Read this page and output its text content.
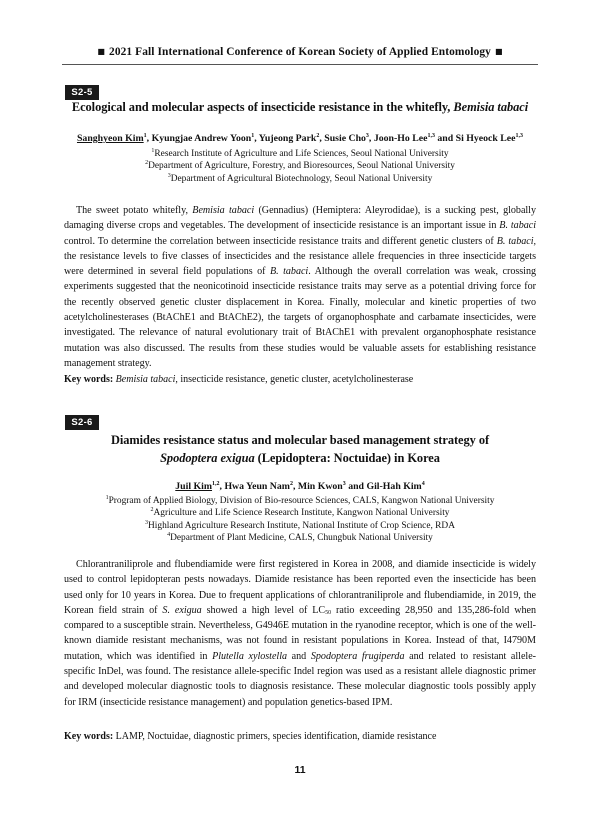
■ 2021 Fall International Conference of Korean Society of Applied Entomology ■
S2-5
Ecological and molecular aspects of insecticide resistance in the whitefly, Bemisia tabaci
Sanghyeon Kim$^1$, Kyungjae Andrew Yoon$^1$, Yujeong Park$^2$, Susie Cho$^3$, Joon-Ho Lee$^{1,3}$ and Si Hyeock Lee$^{1,3}$
$^1$Research Institute of Agriculture and Life Sciences, Seoul National University
$^2$Department of Agriculture, Forestry, and Bioresources, Seoul National University
$^3$Department of Agricultural Biotechnology, Seoul National University
The sweet potato whitefly, Bemisia tabaci (Gennadius) (Hemiptera: Aleyrodidae), is a sucking pest, globally damaging diverse crops and vegetables. The development of insecticide resistance is an important issue in B. tabaci control. To determine the correlation between insecticide resistance traits and different genetic clusters of B. tabaci, the resistance levels to five classes of insecticides and the resistance allele frequencies in three insecticide targets were determined in several field populations of B. tabaci. Although the overall correlation was weak, crossing experiments suggested that the neonicotinoid insecticide resistance traits may serve as a potential driving force for the recently observed genetic cluster displacement in Korea. Finally, molecular and kinetic properties of two acetylcholinesterases (BtAChE1 and BtAChE2), the targets of organophosphate and carbamate insecticides, were investigated. The relevance of natural evolutionary trait of BtAChE1 with prevalent organophosphate resistance mutation was also discussed. The results from these studies would be valuable assets for establishing resistance management strategy.
Key words: Bemisia tabaci, insecticide resistance, genetic cluster, acetylcholinesterase
S2-6
Diamides resistance status and molecular based management strategy of
Spodoptera exigua (Lepidoptera: Noctuidae) in Korea
Juil Kim$^{1,2}$, Hwa Yeun Nam$^2$, Min Kwon$^3$ and Gil-Hah Kim$^4$
$^1$Program of Applied Biology, Division of Bio-resource Sciences, CALS, Kangwon National University
$^2$Agriculture and Life Science Research Institute, Kangwon National University
$^3$Highland Agriculture Research Institute, National Institute of Crop Science, RDA
$^4$Department of Plant Medicine, CALS, Chungbuk National University
Chlorantraniliprole and flubendiamide were first registered in Korea in 2008, and diamide insecticide is widely used to control lepidopteran pests nowadays. Diamide resistance has been reported even the insecticide has been used only for 10 years in Korea. Due to frequent applications of chlorantraniliprole and flubendiamide, in 2019, the Korean field strain of S. exigua showed a high level of $LC_{50}$ ratio exceeding 28,950 and 135,286-fold when compared to a susceptible strain. Nevertheless, G4946E mutation in the ryanodine receptor, which is one of the well-known diamide resistant mechanisms, was not found in resistant populations in Korea. Instead of that, I4790M mutation, which was identified in Plutella xylostella and Spodoptera frugiperda and related to resistant allele-specific InDel, was found. The resistance allele-specific Indel region was used as a resistant allele diagnostic primer and developed molecular diagnostic tools to diagnosis resistance. These molecular diagnostic tools possibly apply for IRM (insecticide resistance management) and population genetics-based IPM.
Key words: LAMP, Noctuidae, diagnostic primers, species identification, diamide resistance
11
